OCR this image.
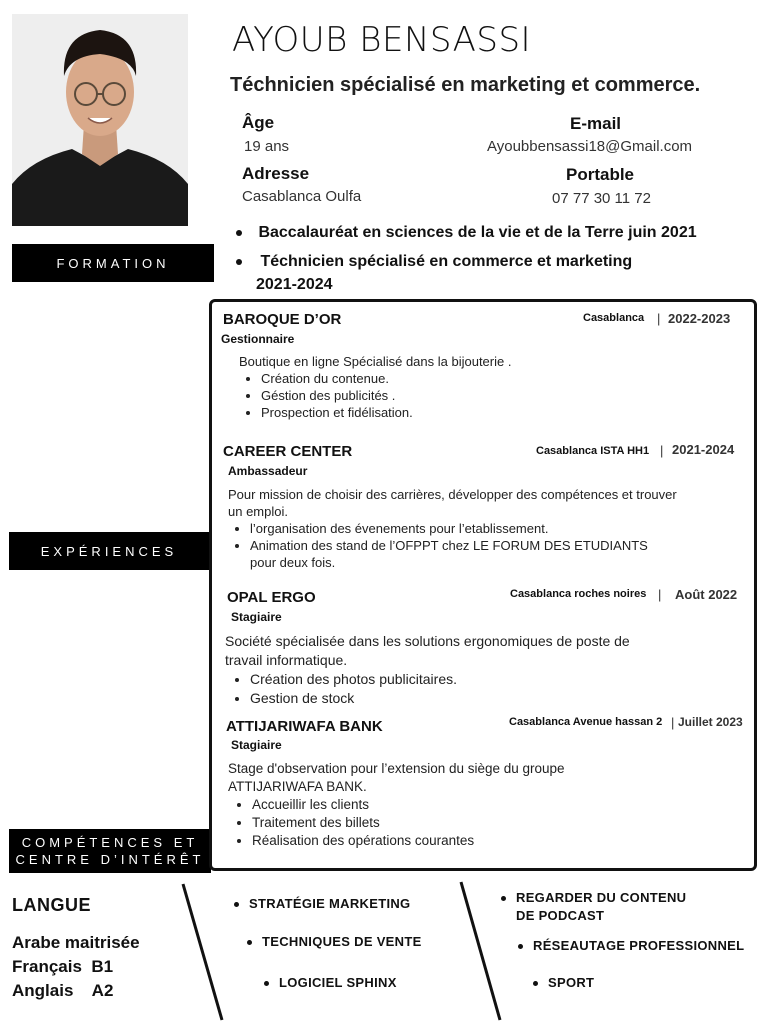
AYOUB BENSASSI
Téchnicien spécialisé en marketing et commerce.
Âge
19 ans
E-mail
Ayoubbensassi18@Gmail.com
Adresse
Casablanca Oulfa
Portable
07 77 30 11 72
FORMATION
EXPÉRIENCES
COMPÉTENCES ET
CENTRE D’INTÉRÊT
Baccalauréat en sciences de la vie et de la Terre juin 2021
Téchnicien spécialisé en commerce et marketing
2021-2024
BAROQUE D’OR	Casablanca | 2022-2023
Gestionnaire
Boutique en ligne Spécialisé dans la bijouterie .
• Création du contenue.
• Géstion des publicités .
• Prospection et fidélisation.
CAREER CENTER	Casablanca ISTA HH1 | 2021-2024
Ambassadeur
Pour mission de choisir des carrières, développer des compétences et trouver un emploi.
• l’organisation des évenements pour l’etablissement.
• Animation des stand de l’OFPPT chez LE FORUM DES ETUDIANTS pour deux fois.
OPAL ERGO	Casablanca roches noires | Août 2022
Stagiaire
Société spécialisée dans les solutions ergonomiques de poste de travail informatique.
• Création des photos publicitaires.
• Gestion de stock
ATTIJARIWAFA BANK	Casablanca Avenue hassan 2 | Juillet 2023
Stagiaire
Stage d'observation pour l’extension du siège du groupe ATTIJARIWAFA BANK.
• Accueillir les clients
• Traitement des billets
• Réalisation des opérations courantes
LANGUE
Arabe maitrisée
Français  B1
Anglais    A2
STRATÉGIE MARKETING
TECHNIQUES DE VENTE
LOGICIEL SPHINX
REGARDER DU CONTENU
DE PODCAST
RÉSEAUTAGE PROFESSIONNEL
SPORT
